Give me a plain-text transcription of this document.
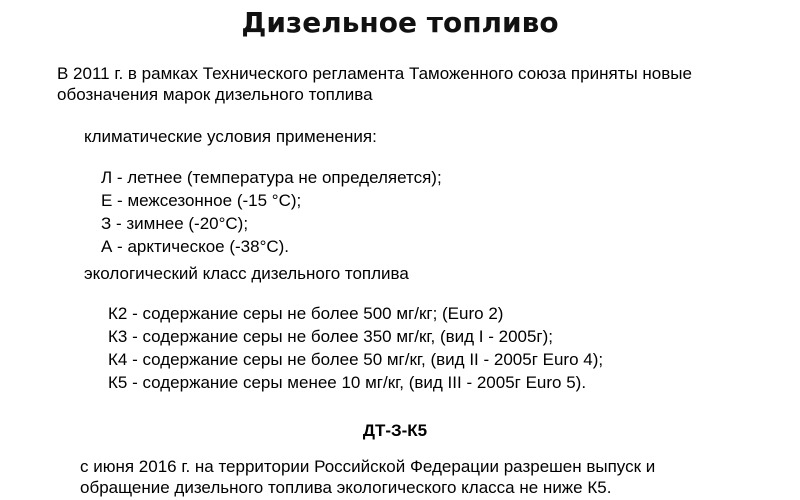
Дизельное топливо
В 2011 г. в рамках Технического регламента Таможенного союза приняты новые
обозначения марок дизельного топлива
климатические условия применения:
Л - летнее (температура не определяется);
Е - межсезонное (-15 °С);
З - зимнее (-20°С);
А - арктическое (-38°С).
экологический класс дизельного топлива
К2 - содержание серы не более 500 мг/кг; (Euro 2)
К3 - содержание серы не более 350 мг/кг, (вид I - 2005г);
К4 - содержание серы не более 50 мг/кг, (вид II - 2005г Euro 4);
К5 - содержание серы менее 10 мг/кг, (вид III - 2005г Euro 5).
ДТ-З-К5
с июня 2016 г. на территории Российской Федерации разрешен выпуск и
обращение дизельного топлива экологического класса не ниже К5.
